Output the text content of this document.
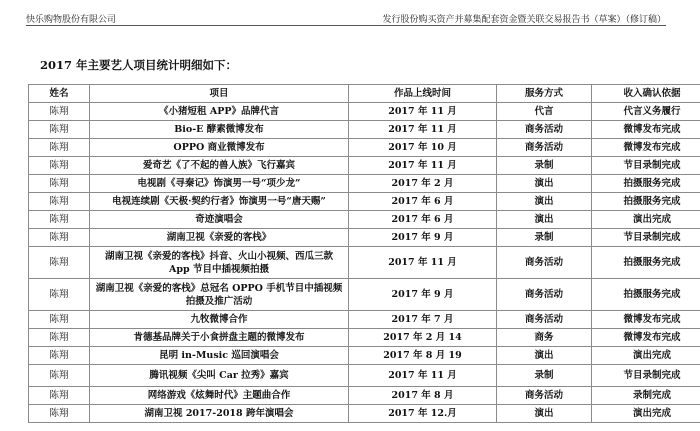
快乐购物股份有限公司	发行股份购买资产并募集配套资金暨关联交易报告书（草案）（修订稿）
2017 年主要艺人项目统计明细如下：
姓名	项目	作品上线时间	服务方式	收入确认依据
陈翔	《小猪短租 APP》品牌代言	2017 年 11 月	代言	代言义务履行
陈翔	Bio-E 酵素微博发布	2017 年 11 月	商务活动	微博发布完成
陈翔	OPPO 商业微博发布	2017 年 10 月	商务活动	微博发布完成
陈翔	爱奇艺《了不起的兽人族》飞行嘉宾	2017 年 11 月	录制	节目录制完成
陈翔	电视剧《寻秦记》饰演男一号“项少龙”	2017 年 2 月	演出	拍摄服务完成
陈翔	电视连续剧《天极·契约行者》饰演男一号“唐天赐”	2017 年 6 月	演出	拍摄服务完成
陈翔	奇迹演唱会	2017 年 6 月	演出	演出完成
陈翔	湖南卫视《亲爱的客栈》	2017 年 9 月	录制	节目录制完成
陈翔	湖南卫视《亲爱的客栈》抖音、火山小视频、西瓜三款 App 节目中插视频拍摄	2017 年 11 月	商务活动	拍摄服务完成
陈翔	湖南卫视《亲爱的客栈》总冠名 OPPO 手机节目中插视频拍摄及推广活动	2017 年 9 月	商务活动	拍摄服务完成
陈翔	九牧微博合作	2017 年 7 月	商务活动	微博发布完成
陈翔	肯德基品牌关于小食拼盘主题的微博发布	2017 年 2 月 14	商务	微博发布完成
陈翔	昆明 in-Music 巡回演唱会	2017 年 8 月 19	演出	演出完成
陈翔	腾讯视频《尖叫 Car 拉秀》嘉宾	2017 年 11 月	录制	节目录制完成
陈翔	网络游戏《炫舞时代》主题曲合作	2017 年 8 月	商务活动	录制完成
陈翔	湖南卫视 2017-2018 跨年演唱会	2017 年 12.月	演出	演出完成
